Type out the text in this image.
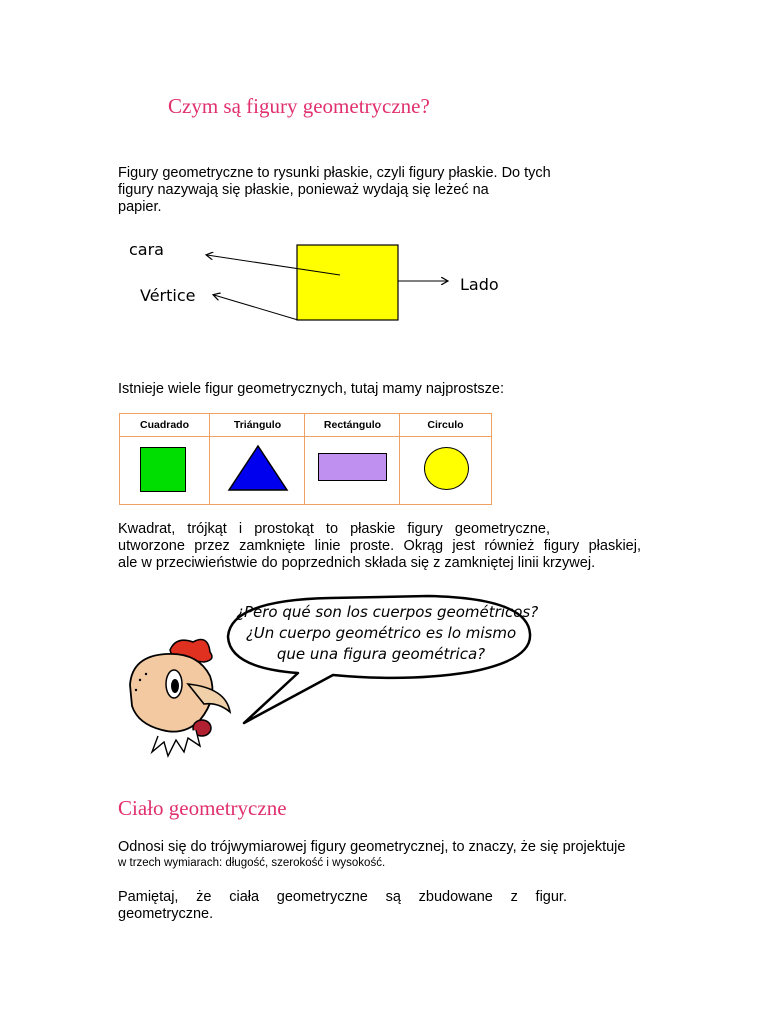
Czym są figury geometryczne?
Figury geometryczne to rysunki płaskie, czyli figury płaskie. Do tych
figury nazywają się płaskie, ponieważ wydają się leżeć na
papier.
cara
Vértice
Lado
Istnieje wiele figur geometrycznych, tutaj mamy najprostsze:
Cuadrado	Triángulo	Rectángulo	Circulo
Kwadrat, trójkąt i prostokąt to płaskie figury geometryczne,
utworzone przez zamknięte linie proste. Okrąg jest również figury płaskiej,
ale w przeciwieństwie do poprzednich składa się z zamkniętej linii krzywej.
¿Pero qué son los cuerpos geométricos?
¿Un cuerpo geométrico es lo mismo
que una figura geométrica?
Ciało geometryczne
Odnosi się do trójwymiarowej figury geometrycznej, to znaczy, że się projektuje
w trzech wymiarach: długość, szerokość i wysokość.
Pamiętaj, że ciała geometryczne są zbudowane z figur.
geometryczne.
